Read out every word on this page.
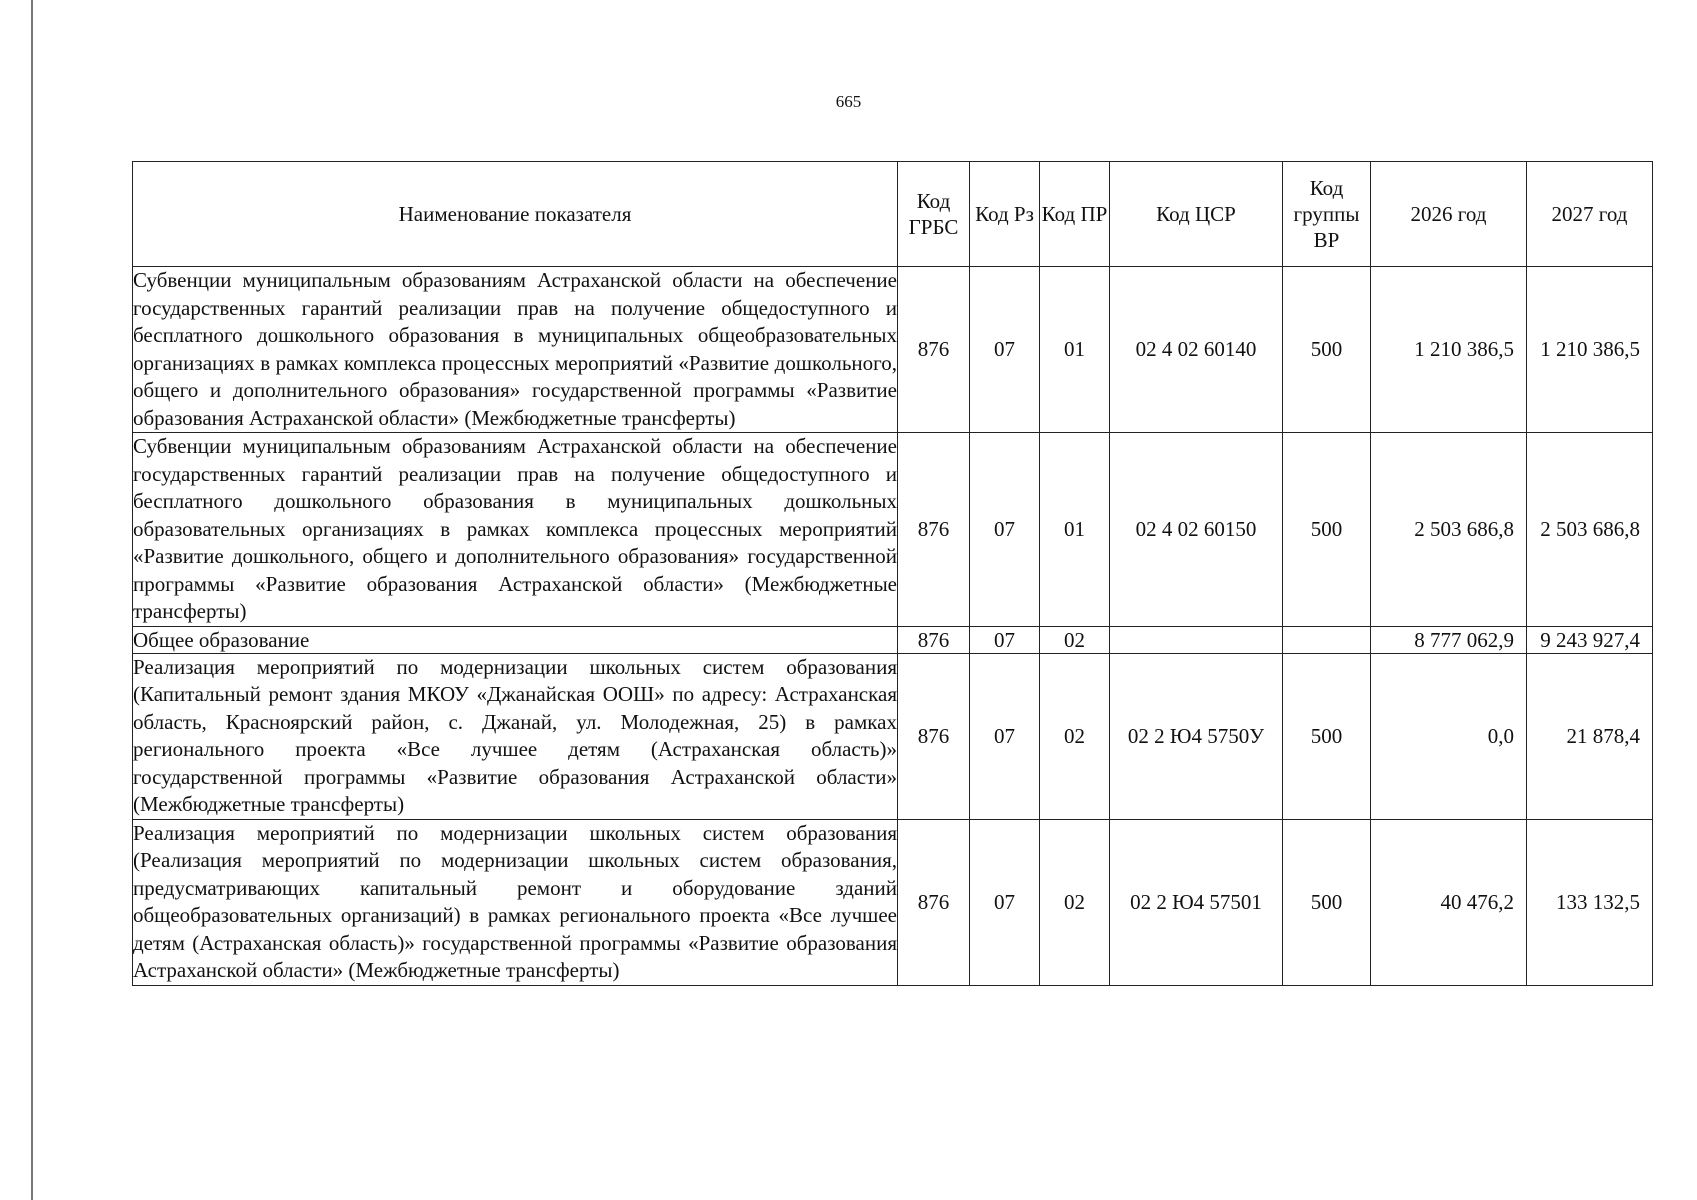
665
Наименование показателя	Код ГРБС	Код Рз	Код ПР	Код ЦСР	Код группы ВР	2026 год	2027 год
Субвенции муниципальным образованиям Астраханской области на обеспечение государственных гарантий реализации прав на получение общедоступного и бесплатного дошкольного образования в муниципальных общеобразовательных организациях в рамках комплекса процессных мероприятий «Развитие дошкольного, общего и дополнительного образования» государственной программы «Развитие образования Астраханской области» (Межбюджетные трансферты)	876	07	01	02 4 02 60140	500	1 210 386,5	1 210 386,5
Субвенции муниципальным образованиям Астраханской области на обеспечение государственных гарантий реализации прав на получение общедоступного и бесплатного дошкольного образования в муниципальных дошкольных образовательных организациях в рамках комплекса процессных мероприятий «Развитие дошкольного, общего и дополнительного образования» государственной программы «Развитие образования Астраханской области» (Межбюджетные трансферты)	876	07	01	02 4 02 60150	500	2 503 686,8	2 503 686,8
Общее образование	876	07	02			8 777 062,9	9 243 927,4
Реализация мероприятий по модернизации школьных систем образования (Капитальный ремонт здания МКОУ «Джанайская ООШ» по адресу: Астраханская область, Красноярский район, с. Джанай, ул. Молодежная, 25) в рамках регионального проекта «Все лучшее детям (Астраханская область)» государственной программы «Развитие образования Астраханской области» (Межбюджетные трансферты)	876	07	02	02 2 Ю4 5750У	500	0,0	21 878,4
Реализация мероприятий по модернизации школьных систем образования (Реализация мероприятий по модернизации школьных систем образования, предусматривающих капитальный ремонт и оборудование зданий общеобразовательных организаций) в рамках регионального проекта «Все лучшее детям (Астраханская область)» государственной программы «Развитие образования Астраханской области» (Межбюджетные трансферты)	876	07	02	02 2 Ю4 57501	500	40 476,2	133 132,5
